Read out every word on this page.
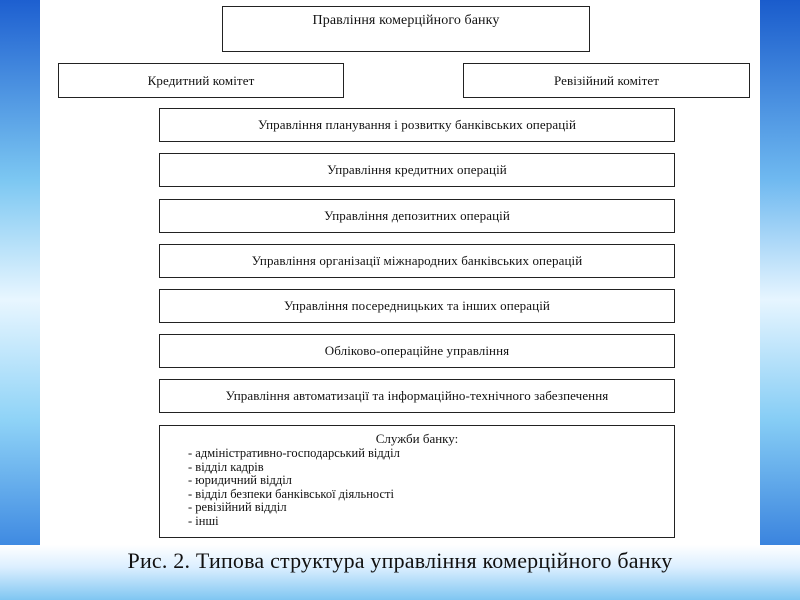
Правління комерційного банку
Кредитний комітет	Ревізійний комітет
Управління планування і розвитку банківських операцій
Управління кредитних операцій
Управління депозитних операцій
Управління організації міжнародних банківських операцій
Управління посередницьких та інших операцій
Обліково-операційне управління
Управління автоматизації та інформаційно-технічного забезпечення
Служби банку:
- адміністративно-господарський відділ
- відділ кадрів
- юридичний відділ
- відділ безпеки банківської діяльності
- ревізійний відділ
- інші
Рис. 2. Типова структура управління комерційного банку
